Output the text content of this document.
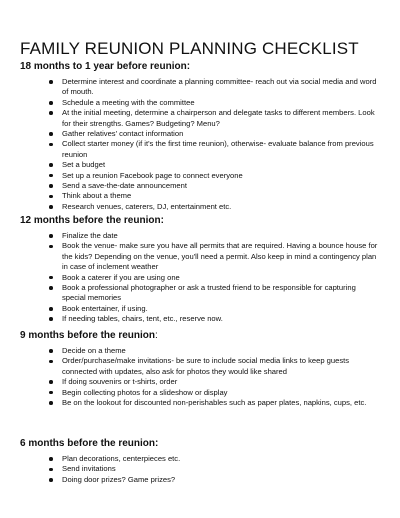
FAMILY REUNION PLANNING CHECKLIST

18 months to 1 year before reunion:

Determine interest and coordinate a planning committee- reach out via social media and word of mouth.
Schedule a meeting with the committee
At the initial meeting, determine a chairperson and delegate tasks to different members. Look for their strengths. Games? Budgeting? Menu?
Gather relatives' contact information
Collect starter money (if it's the first time reunion), otherwise- evaluate balance from previous reunion
Set a budget
Set up a reunion Facebook page to connect everyone
Send a save-the-date announcement
Think about a theme
Research venues, caterers, DJ, entertainment etc.

12 months before the reunion:

Finalize the date
Book the venue- make sure you have all permits that are required. Having a bounce house for the kids? Depending on the venue, you'll need a permit. Also keep in mind a contingency plan in case of inclement weather
Book a caterer if you are using one
Book a professional photographer or ask a trusted friend to be responsible for capturing special memories
Book entertainer, if using.
If needing tables, chairs, tent, etc., reserve now.

9 months before the reunion:

Decide on a theme
Order/purchase/make invitations- be sure to include social media links to keep guests connected with updates, also ask for photos they would like shared
If doing souvenirs or t-shirts, order
Begin collecting photos for a slideshow or display
Be on the lookout for discounted non-perishables such as paper plates, napkins, cups, etc.

6 months before the reunion:

Plan decorations, centerpieces etc.
Send invitations
Doing door prizes? Game prizes?
